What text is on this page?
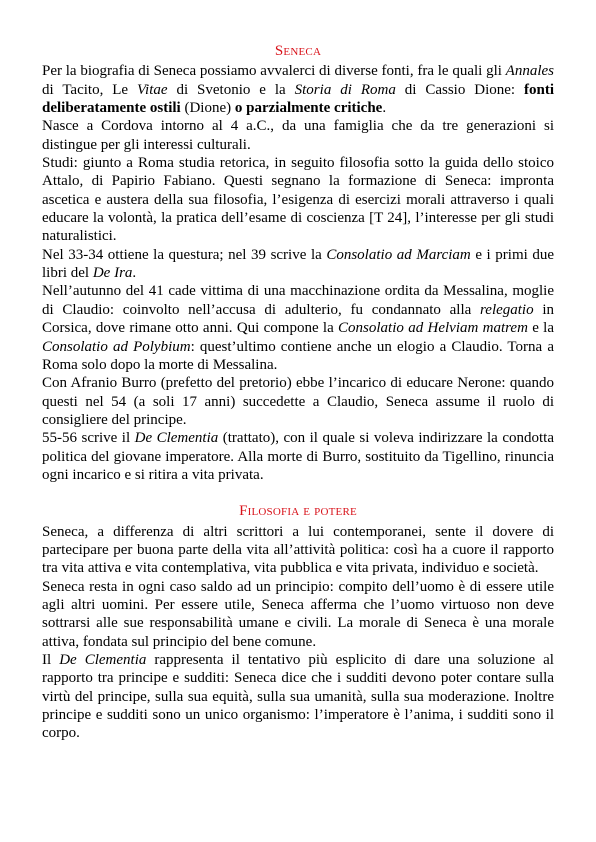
Seneca

Per la biografia di Seneca possiamo avvalerci di diverse fonti, fra le quali gli Annales di Tacito, Le Vitae di Svetonio e la Storia di Roma di Cassio Dione: fonti deliberatamente ostili (Dione) o parzialmente critiche.

Nasce a Cordova intorno al 4 a.C., da una famiglia che da tre generazioni si distingue per gli interessi culturali.

Studi: giunto a Roma studia retorica, in seguito filosofia sotto la guida dello stoico Attalo, di Papirio Fabiano. Questi segnano la formazione di Seneca: impronta ascetica e austera della sua filosofia, l’esigenza di esercizi morali attraverso i quali educare la volontà, la pratica dell’esame di coscienza [T 24], l’interesse per gli studi naturalistici.

Nel 33-34 ottiene la questura; nel 39 scrive la Consolatio ad Marciam e i primi due libri del De Ira.

Nell’autunno del 41 cade vittima di una macchinazione ordita da Messalina, moglie di Claudio: coinvolto nell’accusa di adulterio, fu condannato alla relegatio in Corsica, dove rimane otto anni. Qui compone la Consolatio ad Helviam matrem e la Consolatio ad Polybium: quest’ultimo contiene anche un elogio a Claudio. Torna a Roma solo dopo la morte di Messalina.

Con Afranio Burro (prefetto del pretorio) ebbe l’incarico di educare Nerone: quando questi nel 54 (a soli 17 anni) succedette a Claudio, Seneca assume il ruolo di consigliere del principe.

55-56 scrive il De Clementia (trattato), con il quale si voleva indirizzare la condotta politica del giovane imperatore. Alla morte di Burro, sostituito da Tigellino, rinuncia ogni incarico e si ritira a vita privata.

Filosofia e potere

Seneca, a differenza di altri scrittori a lui contemporanei, sente il dovere di partecipare per buona parte della vita all’attività politica: così ha a cuore il rapporto tra vita attiva e vita contemplativa, vita pubblica e vita privata, individuo e società.

Seneca resta in ogni caso saldo ad un principio: compito dell’uomo è di essere utile agli altri uomini. Per essere utile, Seneca afferma che l’uomo virtuoso non deve sottrarsi alle sue responsabilità umane e civili. La morale di Seneca è una morale attiva, fondata sul principio del bene comune.

Il De Clementia rappresenta il tentativo più esplicito di dare una soluzione al rapporto tra principe e sudditi: Seneca dice che i sudditi devono poter contare sulla virtù del principe, sulla sua equità, sulla sua umanità, sulla sua moderazione. Inoltre principe e sudditi sono un unico organismo: l’imperatore è l’anima, i sudditi sono il corpo.
